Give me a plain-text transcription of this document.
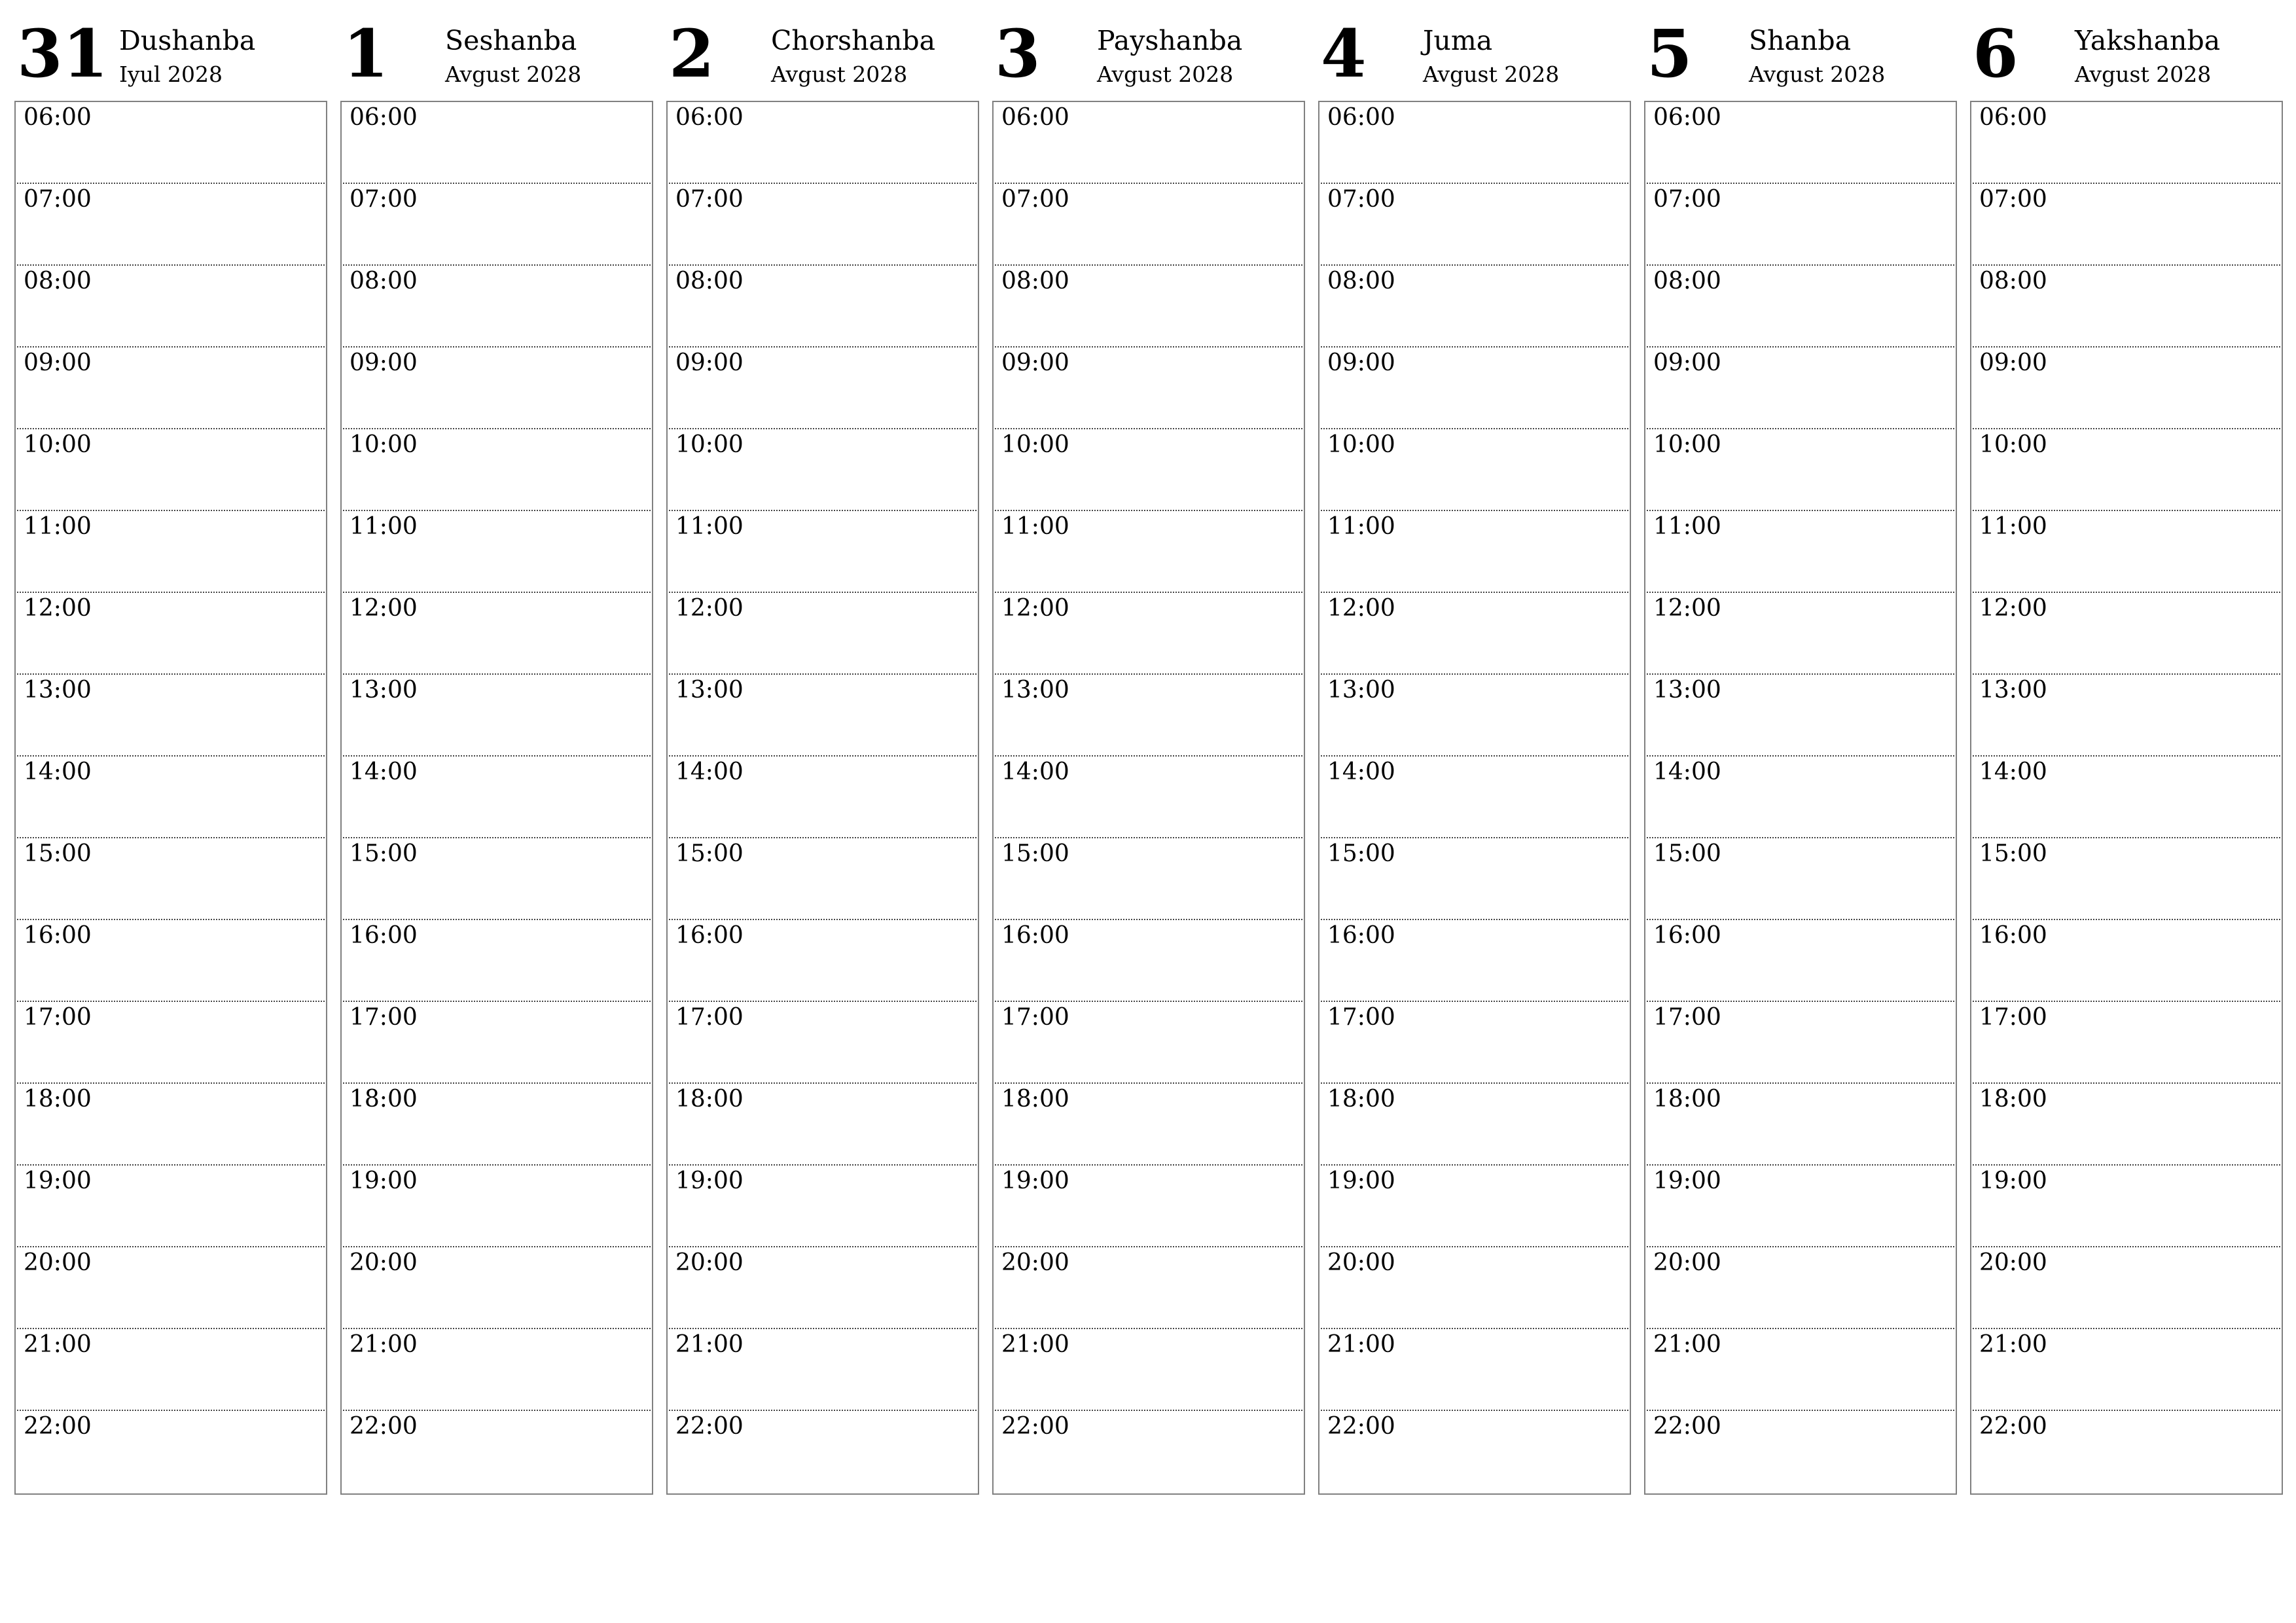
31 Dushanba
Iyul 2028
06:00
07:00
08:00
09:00
10:00
11:00
12:00
13:00
14:00
15:00
16:00
17:00
18:00
19:00
20:00
21:00
22:00
1 Seshanba
Avgust 2028
06:00
07:00
08:00
09:00
10:00
11:00
12:00
13:00
14:00
15:00
16:00
17:00
18:00
19:00
20:00
21:00
22:00
2 Chorshanba
Avgust 2028
06:00
07:00
08:00
09:00
10:00
11:00
12:00
13:00
14:00
15:00
16:00
17:00
18:00
19:00
20:00
21:00
22:00
3 Payshanba
Avgust 2028
06:00
07:00
08:00
09:00
10:00
11:00
12:00
13:00
14:00
15:00
16:00
17:00
18:00
19:00
20:00
21:00
22:00
4 Juma
Avgust 2028
06:00
07:00
08:00
09:00
10:00
11:00
12:00
13:00
14:00
15:00
16:00
17:00
18:00
19:00
20:00
21:00
22:00
5 Shanba
Avgust 2028
06:00
07:00
08:00
09:00
10:00
11:00
12:00
13:00
14:00
15:00
16:00
17:00
18:00
19:00
20:00
21:00
22:00
6 Yakshanba
Avgust 2028
06:00
07:00
08:00
09:00
10:00
11:00
12:00
13:00
14:00
15:00
16:00
17:00
18:00
19:00
20:00
21:00
22:00
